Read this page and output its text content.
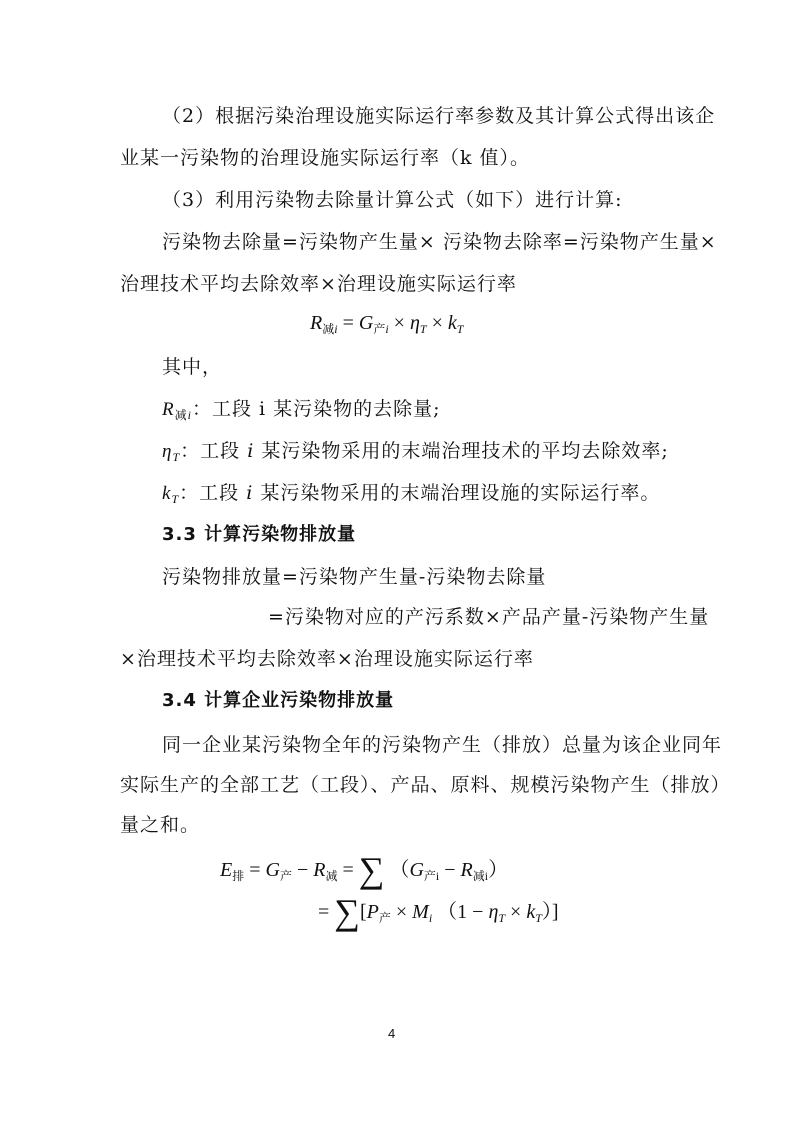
（2）根据污染治理设施实际运行率参数及其计算公式得出该企
业某一污染物的治理设施实际运行率（k 值）。
（3）利用污染物去除量计算公式（如下）进行计算:
污染物去除量=污染物产生量× 污染物去除率=污染物产生量×
治理技术平均去除效率×治理设施实际运行率
$R_{减i} = G_{产i} \times \eta_T \times k_T$
其中，
$R_{减i}$：工段 i 某污染物的去除量;
$\eta_T$：工段 i 某污染物采用的末端治理技术的平均去除效率;
$k_T$：工段 i 某污染物采用的末端治理设施的实际运行率。
3.3 计算污染物排放量
污染物排放量=污染物产生量-污染物去除量
=污染物对应的产污系数×产品产量-污染物产生量
×治理技术平均去除效率×治理设施实际运行率
3.4 计算企业污染物排放量
同一企业某污染物全年的污染物产生（排放）总量为该企业同年
实际生产的全部工艺（工段）、产品、原料、规模污染物产生（排放）
量之和。
$E_排 = G_产 - R_减$ = ∑ $(G_{产i} - R_{减i})$
= $\sum[P_产 \times M_i$ $(1 - \eta_T \times k_T)$]
4
